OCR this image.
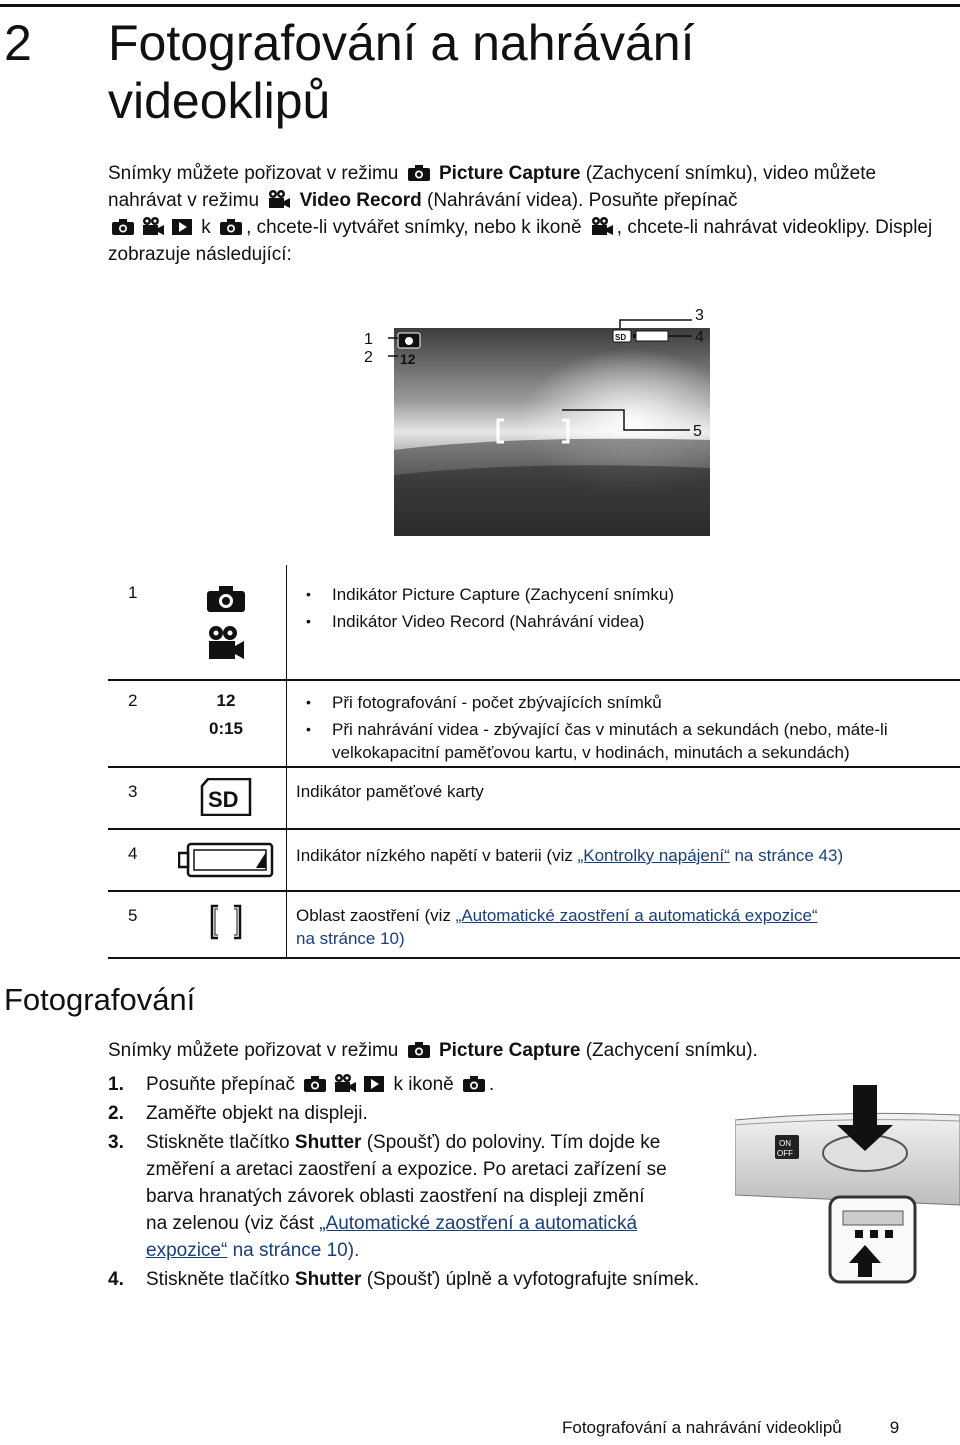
2 Fotografování a nahrávání videoklipů
Snímky můžete pořizovat v režimu Picture Capture (Zachycení snímku), video můžete nahrávat v režimu Video Record (Nahrávání videa). Posuňte přepínač

k , chcete-li vytvářet snímky, nebo k ikoně , chcete-li nahrávat videoklipy. Displej zobrazuje následující:
12
SD
1
2
3
4
5
1
•	Indikátor Picture Capture (Zachycení snímku)
• Indikátor Video Record (Nahrávání videa)
2	12
0:15
• Při fotografování - počet zbývajících snímků
• Při nahrávání videa - zbývající čas v minutách a sekundách (nebo, máte-li velkokapacitní paměťovou kartu, v hodinách, minutách a sekundách)
3	SD	Indikátor paměťové karty
4	Indikátor nízkého napětí v baterii (viz „Kontrolky napájení“ na stránce 43)
5	Oblast zaostření (viz „Automatické zaostření a automatická expozice“
na stránce 10)
Fotografování
Snímky můžete pořizovat v režimu Picture Capture (Zachycení snímku).
1. Posuňte přepínač	k ikoně .
2. Zaměřte objekt na displeji.
3. Stiskněte tlačítko Shutter (Spoušť) do poloviny. Tím dojde ke změření a aretaci zaostření a expozice. Po aretaci zařízení se barva hranatých závorek oblasti zaostření na displeji změní na zelenou (viz část „Automatické zaostření a automatická expozice“ na stránce 10).
4. Stiskněte tlačítko Shutter (Spoušť) úplně a vyfotografujte snímek.
ON
OFF
Fotografování a nahrávání videoklipů	9
